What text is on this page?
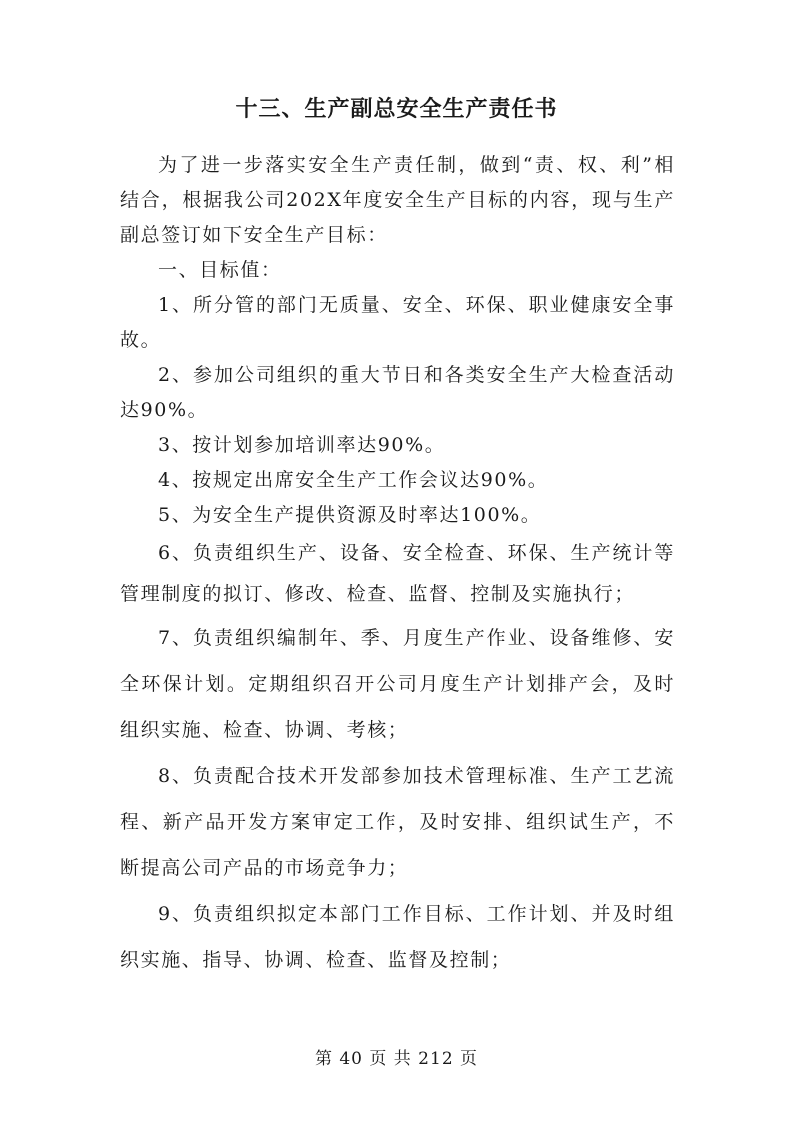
十三、生产副总安全生产责任书

为了进一步落实安全生产责任制，做到“责、权、利”相结合，根据我公司202X年度安全生产目标的内容，现与生产副总签订如下安全生产目标：

一、目标值：

1、所分管的部门无质量、安全、环保、职业健康安全事故。

2、参加公司组织的重大节日和各类安全生产大检查活动达90%。

3、按计划参加培训率达90%。

4、按规定出席安全生产工作会议达90%。

5、为安全生产提供资源及时率达100%。

6、负责组织生产、设备、安全检查、环保、生产统计等管理制度的拟订、修改、检查、监督、控制及实施执行；

7、负责组织编制年、季、月度生产作业、设备维修、安全环保计划。定期组织召开公司月度生产计划排产会，及时组织实施、检查、协调、考核；

8、负责配合技术开发部参加技术管理标准、生产工艺流程、新产品开发方案审定工作，及时安排、组织试生产，不断提高公司产品的市场竞争力；

9、负责组织拟定本部门工作目标、工作计划、并及时组织实施、指导、协调、检查、监督及控制；

第 40 页 共 212 页
